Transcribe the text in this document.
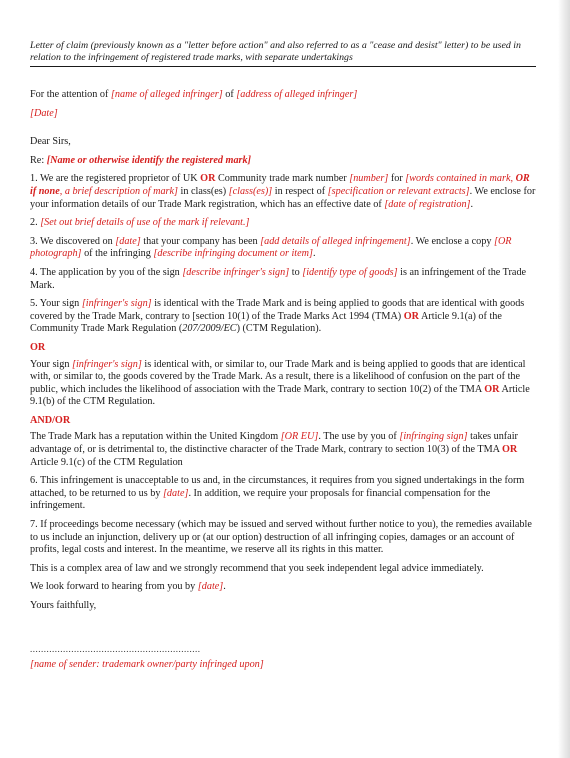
Letter of claim (previously known as a "letter before action" and also referred to as a "cease and desist" letter) to be used in relation to the infringement of registered trade marks, with separate undertakings

For the attention of [name of alleged infringer] of [address of alleged infringer]

[Date]

Dear Sirs,

Re: [Name or otherwise identify the registered mark]

1. We are the registered proprietor of UK OR Community trade mark number [number] for [words contained in mark, OR if none, a brief description of mark] in class(es) [class(es)] in respect of [specification or relevant extracts]. We enclose for your information details of our Trade Mark registration, which has an effective date of [date of registration].

2. [Set out brief details of use of the mark if relevant.]

3. We discovered on [date] that your company has been [add details of alleged infringement]. We enclose a copy [OR photograph] of the infringing [describe infringing document or item].

4. The application by you of the sign [describe infringer's sign] to [identify type of goods] is an infringement of the Trade Mark.

5. Your sign [infringer's sign] is identical with the Trade Mark and is being applied to goods that are identical with goods covered by the Trade Mark, contrary to [section 10(1) of the Trade Marks Act 1994 (TMA) OR Article 9.1(a) of the Community Trade Mark Regulation (207/2009/EC) (CTM Regulation).

OR

Your sign [infringer's sign] is identical with, or similar to, our Trade Mark and is being applied to goods that are identical with, or similar to, the goods covered by the Trade Mark. As a result, there is a likelihood of confusion on the part of the public, which includes the likelihood of association with the Trade Mark, contrary to section 10(2) of the TMA OR Article 9.1(b) of the CTM Regulation.

AND/OR

The Trade Mark has a reputation within the United Kingdom [OR EU]. The use by you of [infringing sign] takes unfair advantage of, or is detrimental to, the distinctive character of the Trade Mark, contrary to section 10(3) of the TMA OR Article 9.1(c) of the CTM Regulation

6. This infringement is unacceptable to us and, in the circumstances, it requires from you signed undertakings in the form attached, to be returned to us by [date]. In addition, we require your proposals for financial compensation for the infringement.

7. If proceedings become necessary (which may be issued and served without further notice to you), the remedies available to us include an injunction, delivery up or (at our option) destruction of all infringing copies, damages or an account of profits, legal costs and interest. In the meantime, we reserve all its rights in this matter.

This is a complex area of law and we strongly recommend that you seek independent legal advice immediately.

We look forward to hearing from you by [date].

Yours faithfully,

..............................................................

[name of sender: trademark owner/party infringed upon]
